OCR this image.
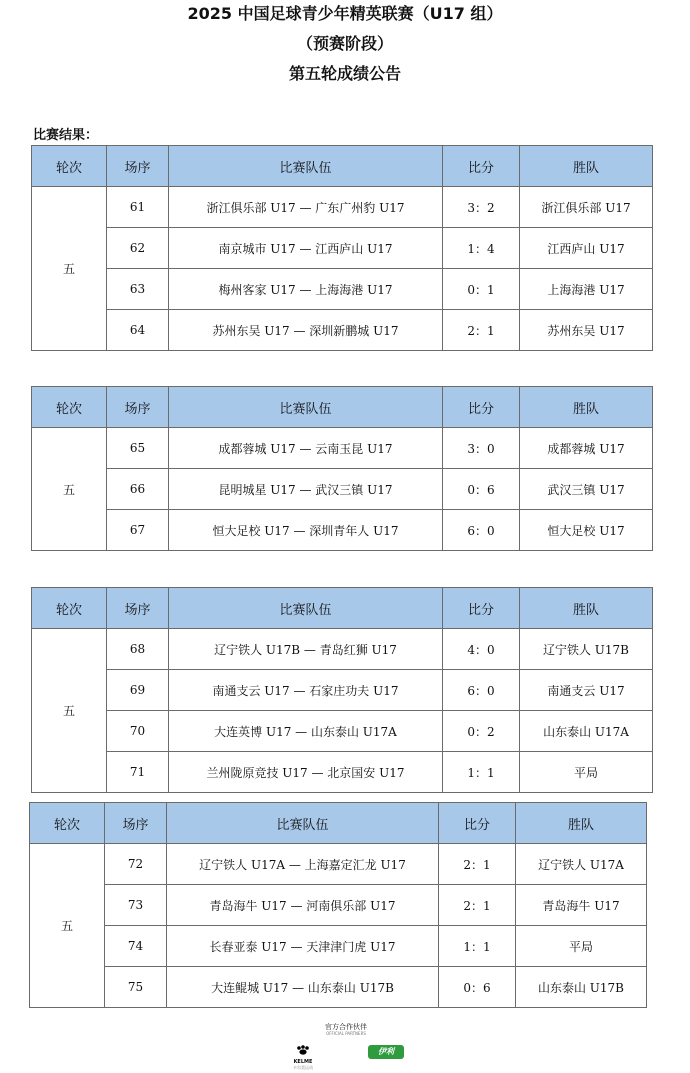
2025 中国足球青少年精英联赛（U17 组）
（预赛阶段）
第五轮成绩公告
比赛结果：
轮次	场序	比赛队伍	比分	胜队
五	61	浙江俱乐部 U17 — 广东广州豹 U17	3：2	浙江俱乐部 U17
	62	南京城市 U17 — 江西庐山 U17	1：4	江西庐山 U17
	63	梅州客家 U17 — 上海海港 U17	0：1	上海海港 U17
	64	苏州东吴 U17 — 深圳新鹏城 U17	2：1	苏州东吴 U17
轮次	场序	比赛队伍	比分	胜队
五	65	成都蓉城 U17 — 云南玉昆 U17	3：0	成都蓉城 U17
	66	昆明城星 U17 — 武汉三镇 U17	0：6	武汉三镇 U17
	67	恒大足校 U17 — 深圳青年人 U17	6：0	恒大足校 U17
轮次	场序	比赛队伍	比分	胜队
五	68	辽宁铁人 U17B — 青岛红狮 U17	4：0	辽宁铁人 U17B
	69	南通支云 U17 — 石家庄功夫 U17	6：0	南通支云 U17
	70	大连英博 U17 — 山东泰山 U17A	0：2	山东泰山 U17A
	71	兰州陇原竞技 U17 — 北京国安 U17	1：1	平局
轮次	场序	比赛队伍	比分	胜队
五	72	辽宁铁人 U17A — 上海嘉定汇龙 U17	2：1	辽宁铁人 U17A
	73	青岛海牛 U17 — 河南俱乐部 U17	2：1	青岛海牛 U17
	74	长春亚泰 U17 — 天津津门虎 U17	1：1	平局
	75	大连鲲城 U17 — 山东泰山 U17B	0：6	山东泰山 U17B
官方合作伙伴
OFFICIAL PARTNERS
KELME
卡尔美运动
伊利
